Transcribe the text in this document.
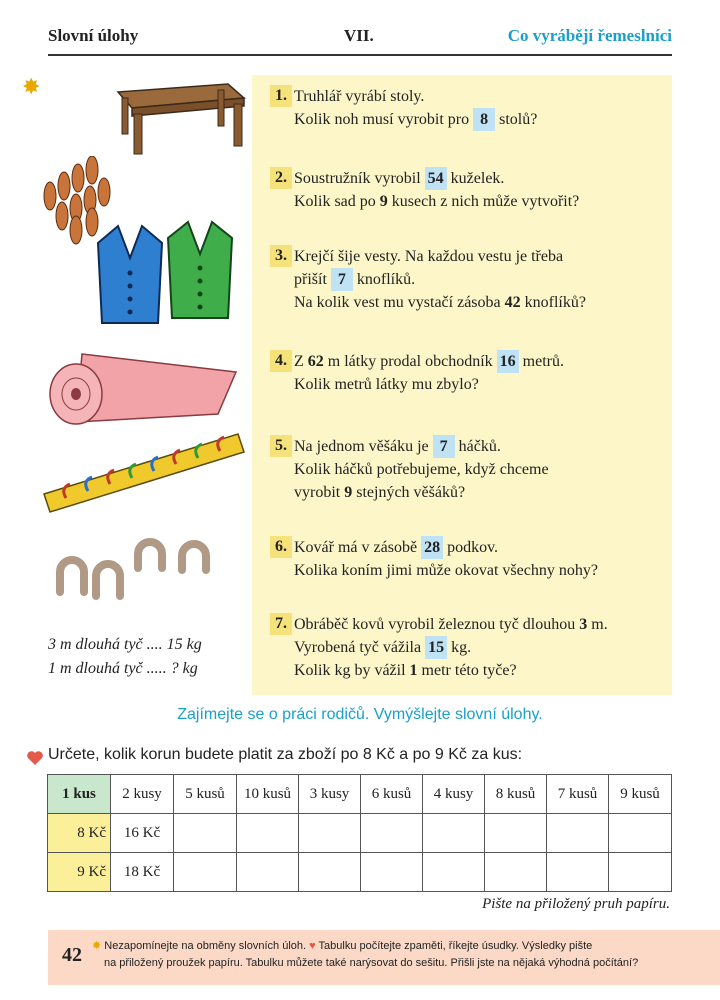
Slovní úlohy	VII.	Co vyrábějí řemeslníci
✸
3 m dlouhá tyč .... 15 kg
1 m dlouhá tyč ..... ? kg
1. Truhlář vyrábí stoly.
Kolik noh musí vyrobit pro 8 stolů?
2. Soustružník vyrobil 54 kuželek.
Kolik sad po 9 kusech z nich může vytvořit?
3. Krejčí šije vesty. Na každou vestu je třeba
přišít 7 knoflíků.
Na kolik vest mu vystačí zásoba 42 knoflíků?
4. Z 62 m látky prodal obchodník 16 metrů.
Kolik metrů látky mu zbylo?
5. Na jednom věšáku je 7 háčků.
Kolik háčků potřebujeme, když chceme
vyrobit 9 stejných věšáků?
6. Kovář má v zásobě 28 podkov.
Kolika koním jimi může okovat všechny nohy?
7. Obráběč kovů vyrobil železnou tyč dlouhou 3 m.
Vyrobená tyč vážila 15 kg.
Kolik kg by vážil 1 metr této tyče?
Zajímejte se o práci rodičů. Vymýšlejte slovní úlohy.
Určete, kolik korun budete platit za zboží po 8 Kč a po 9 Kč za kus:
1 kus	2 kusy	5 kusů	10 kusů	3 kusy	6 kusů	4 kusy	8 kusů	7 kusů	9 kusů
8 Kč	16 Kč								
9 Kč	18 Kč								
Pište na přiložený pruh papíru.
42 ✸ Nezapomínejte na obměny slovních úloh. ♥ Tabulku počítejte zpaměti, říkejte úsudky. Výsledky pište
na přiložený proužek papíru. Tabulku můžete také narýsovat do sešitu. Přišli jste na nějaká výhodná počítání?
